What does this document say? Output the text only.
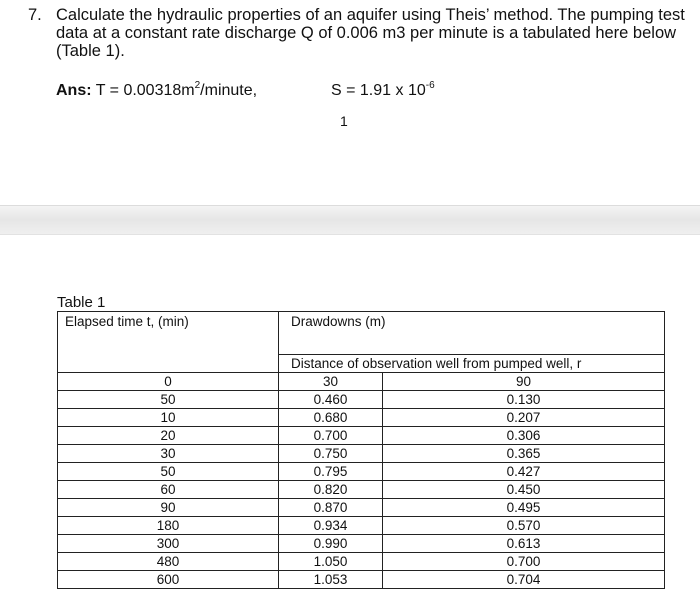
7. Calculate the hydraulic properties of an aquifer using Theis’ method. The pumping test data at a constant rate discharge Q of 0.006 m3 per minute is a tabulated here below (Table 1).
Ans: $T = 0.00318m^2$/minute,	S = 1.91 x $10^{-6}$
1
Table 1
Elapsed time t, (min)	Drawdowns (m)	
	Distance of observation well from pumped well, r	
0	30	90
50	0.460	0.130
10	0.680	0.207
20	0.700	0.306
30	0.750	0.365
50	0.795	0.427
60	0.820	0.450
90	0.870	0.495
180	0.934	0.570
300	0.990	0.613
480	1.050	0.700
600	1.053	0.704
